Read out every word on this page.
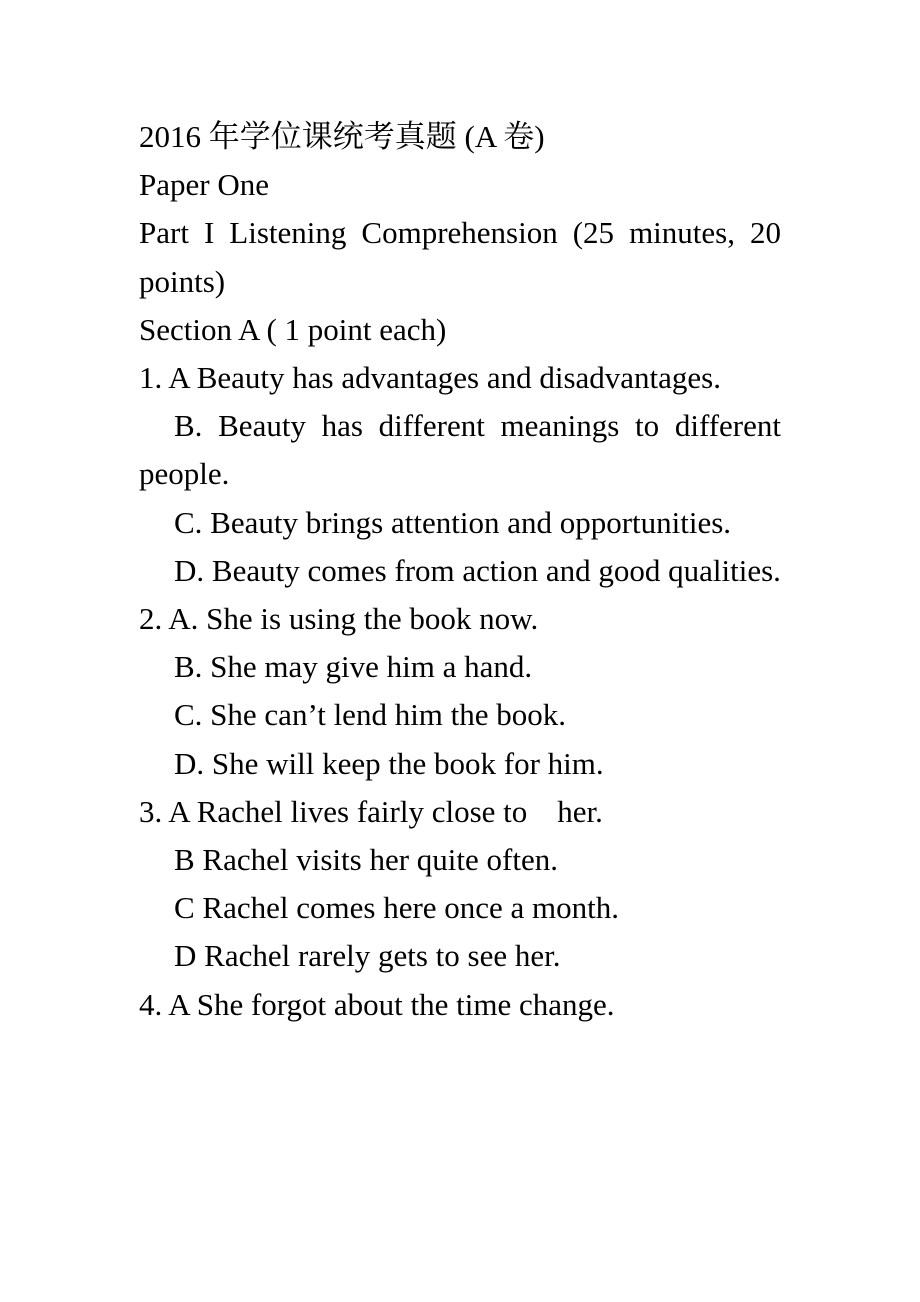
2016 年学位课统考真题 (A 卷)

Paper One

Part I Listening Comprehension (25 minutes, 20 points)

Section A ( 1 point each)

1. A Beauty has advantages and disadvantages.

B. Beauty has different meanings to different people.

C. Beauty brings attention and opportunities.

D. Beauty comes from action and good qualities.

2. A. She is using the book now.

B. She may give him a hand.

C. She can’t lend him the book.

D. She will keep the book for him.

3. A Rachel lives fairly close to her.

B Rachel visits her quite often.

C Rachel comes here once a month.

D Rachel rarely gets to see her.

4. A She forgot about the time change.
